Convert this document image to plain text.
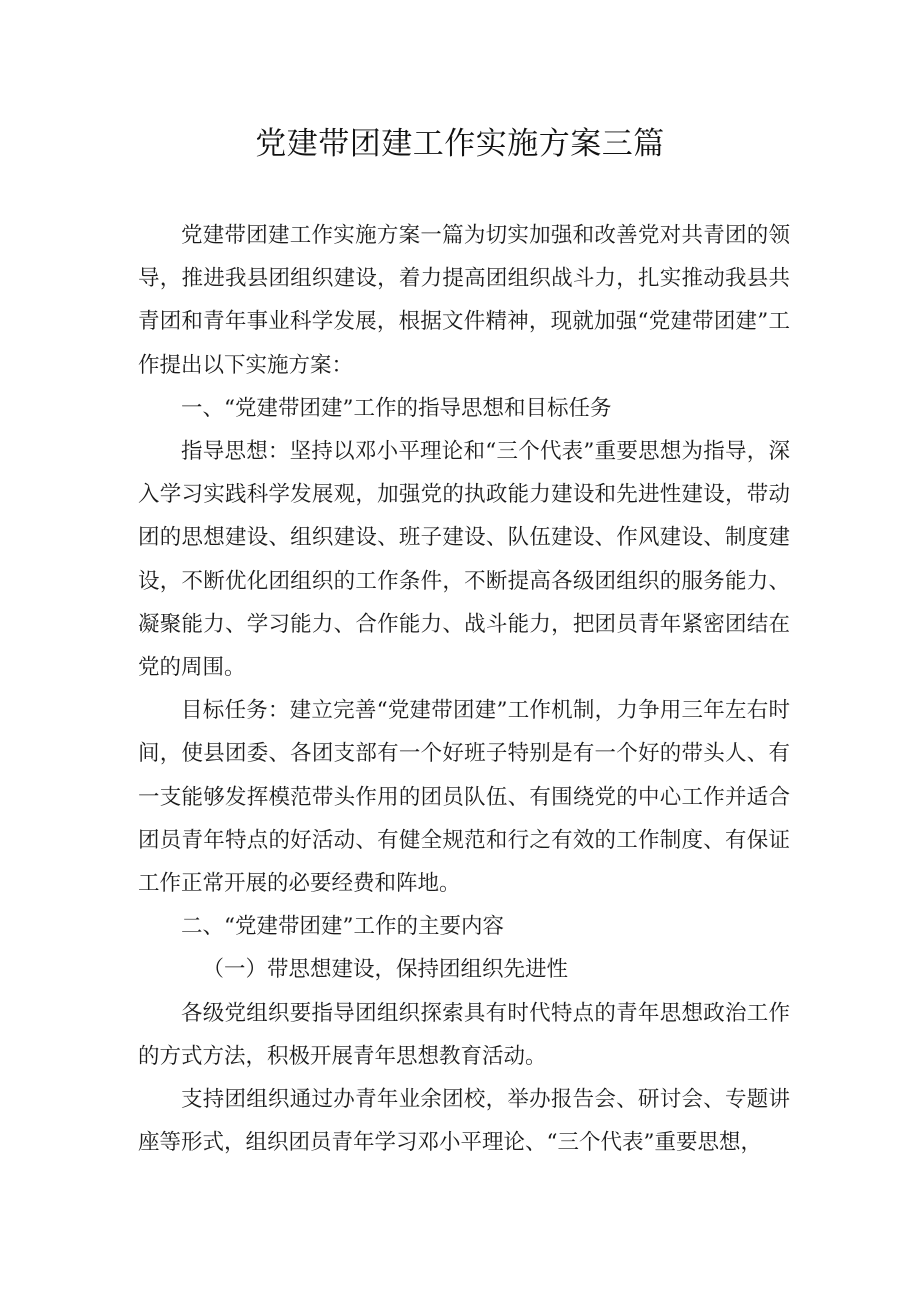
党建带团建工作实施方案三篇

党建带团建工作实施方案一篇为切实加强和改善党对共青团的领导，推进我县团组织建设，着力提高团组织战斗力，扎实推动我县共青团和青年事业科学发展，根据文件精神，现就加强“党建带团建”工作提出以下实施方案：

一、“党建带团建”工作的指导思想和目标任务

指导思想：坚持以邓小平理论和“三个代表”重要思想为指导，深入学习实践科学发展观，加强党的执政能力建设和先进性建设，带动团的思想建设、组织建设、班子建设、队伍建设、作风建设、制度建设，不断优化团组织的工作条件，不断提高各级团组织的服务能力、凝聚能力、学习能力、合作能力、战斗能力，把团员青年紧密团结在党的周围。

目标任务：建立完善“党建带团建”工作机制，力争用三年左右时间，使县团委、各团支部有一个好班子特别是有一个好的带头人、有一支能够发挥模范带头作用的团员队伍、有围绕党的中心工作并适合团员青年特点的好活动、有健全规范和行之有效的工作制度、有保证工作正常开展的必要经费和阵地。

二、“党建带团建”工作的主要内容

（一）带思想建设，保持团组织先进性

各级党组织要指导团组织探索具有时代特点的青年思想政治工作的方式方法，积极开展青年思想教育活动。

支持团组织通过办青年业余团校，举办报告会、研讨会、专题讲座等形式，组织团员青年学习邓小平理论、“三个代表”重要思想，
